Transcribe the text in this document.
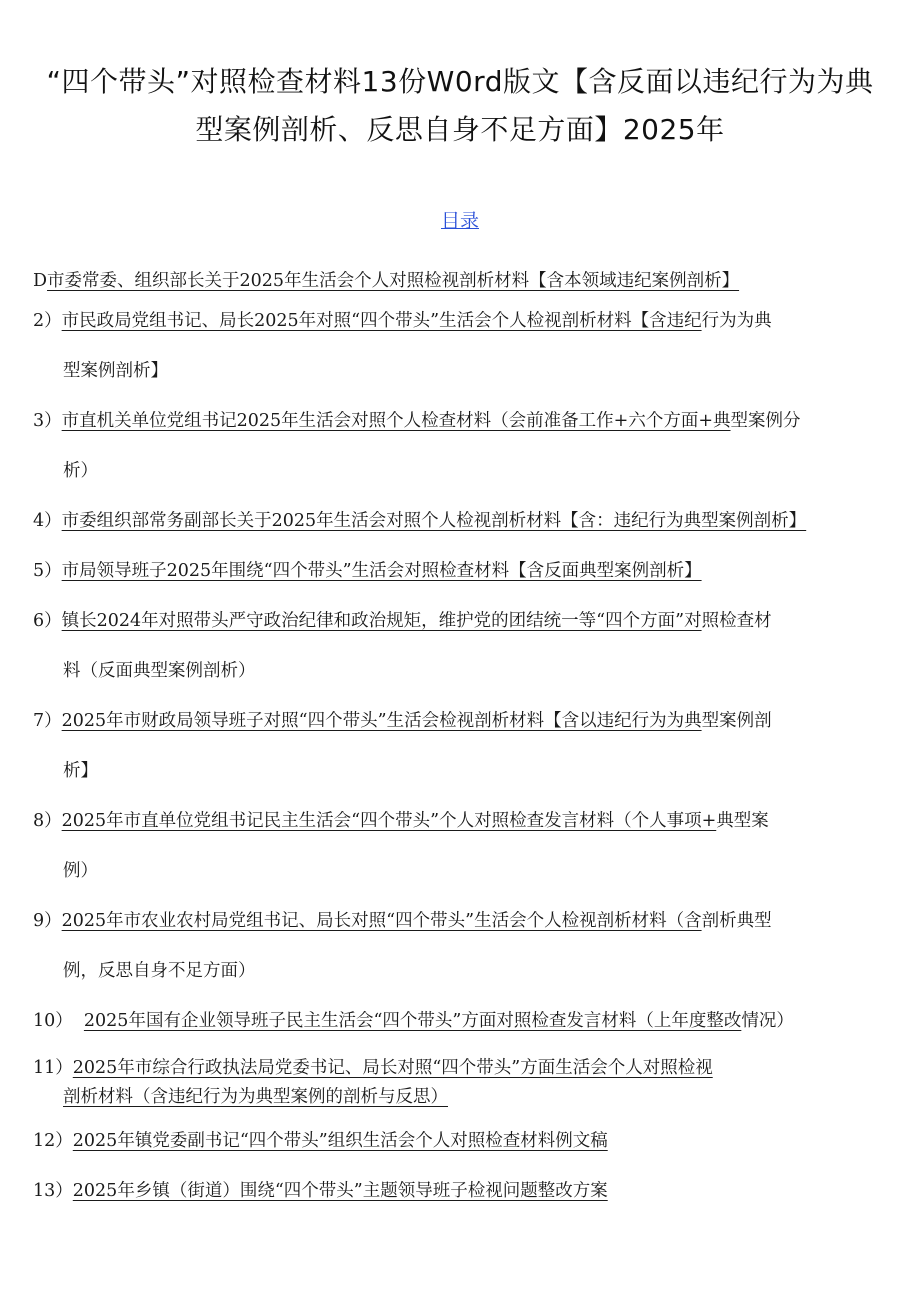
“四个带头”对照检查材料13份W0rd版文【含反面以违纪行为为典
型案例剖析、反思自身不足方面】2025年
目录
D市委常委、组织部长关于2025年生活会个人对照检视剖析材料【含本领域违纪案例剖析】
2）市民政局党组书记、局长2025年对照“四个带头”生活会个人检视剖析材料【含违纪行为为典
型案例剖析】
3）市直机关单位党组书记2025年生活会对照个人检查材料（会前准备工作+六个方面+典型案例分
析）
4）市委组织部常务副部长关于2025年生活会对照个人检视剖析材料【含：违纪行为典型案例剖析】
5）市局领导班子2025年围绕“四个带头”生活会对照检查材料【含反面典型案例剖析】
6）镇长2024年对照带头严守政治纪律和政治规矩，维护党的团结统一等“四个方面”对照检查材
料（反面典型案例剖析）
7）2025年市财政局领导班子对照“四个带头”生活会检视剖析材料【含以违纪行为为典型案例剖
析】
8）2025年市直单位党组书记民主生活会“四个带头”个人对照检查发言材料（个人事项+典型案
例）
9）2025年市农业农村局党组书记、局长对照“四个带头”生活会个人检视剖析材料（含剖析典型
例，反思自身不足方面）
10）  2025年国有企业领导班子民主生活会“四个带头”方面对照检查发言材料（上年度整改情况）
11）2025年市综合行政执法局党委书记、局长对照“四个带头”方面生活会个人对照检视
剖析材料（含违纪行为为典型案例的剖析与反思）
12）2025年镇党委副书记“四个带头”组织生活会个人对照检查材料例文稿
13）2025年乡镇（街道）围绕“四个带头”主题领导班子检视问题整改方案
